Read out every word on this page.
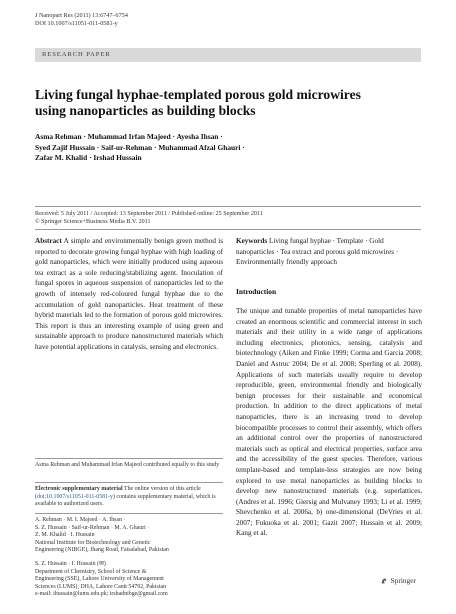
J Nanopart Res (2011) 13:6747–6754
DOI 10.1007/s11051-011-0581-y
RESEARCH PAPER
Living fungal hyphae-templated porous gold microwires
using nanoparticles as building blocks
Asma Rehman · Muhammad Irfan Majeed · Ayesha Ihsan ·
Syed Zajif Hussain · Saif-ur-Rehman · Muhammad Afzal Ghauri ·
Zafar M. Khalid · Irshad Hussain
Received: 5 July 2011 / Accepted: 13 September 2011 / Published online: 25 September 2011
© Springer Science+Business Media B.V. 2011
Abstract A simple and environmentally benign green method is reported to decorate growing fungal hyphae with high loading of gold nanoparticles, which were initially produced using aqueous tea extract as a sole reducing/stabilizing agent. Inoculation of fungal spores in aqueous suspension of nanoparticles led to the growth of intensely red-coloured fungal hyphae due to the accumulation of gold nanoparticles. Heat treatment of these hybrid materials led to the formation of porous gold microwires. This report is thus an interesting example of using green and sustainable approach to produce nanostructured materials which have potential applications in catalysis, sensing and electronics.
Asma Rehman and Muhammad Irfan Majeed contributed equally to this study
Electronic supplementary material The online version of this article (doi:10.1007/s11051-011-0581-y) contains supplementary material, which is available to authorized users.
A. Rehman · M. I. Majeed · A. Ihsan ·
S. Z. Hussain · Saif-ur-Rehman · M. A. Ghauri ·
Z. M. Khalid · I. Hussain
National Institute for Biotechnology and Genetic
Engineering (NIBGE), Jhang Road, Faisalabad, Pakistan
S. Z. Hussain · I. Hussain (✉)
Department of Chemistry, School of Science &
Engineering (SSE), Lahore University of Management
Sciences (LUMS), DHA, Lahore Cantt 54792, Pakistan
e-mail: ihussain@lums.edu.pk; irshadnibge@gmail.com
Keywords Living fungal hyphae · Template · Gold nanoparticles · Tea extract and porous gold microwires · Environmentally friendly approach
Introduction
The unique and tunable properties of metal nanoparticles have created an enormous scientific and commercial interest in such materials and their utility in a wide range of applications including electronics, photonics, sensing, catalysis and biotechnology (Aiken and Finke 1999; Corma and Garcia 2008; Daniel and Astruc 2004; De et al. 2008; Sperling et al. 2008). Applications of such materials usually require to develop reproducible, green, environmental friendly and biologically benign processes for their sustainable and economical production. In addition to the direct applications of metal nanoparticles, there is an increasing trend to develop biocompatible processes to control their assembly, which offers an additional control over the properties of nanostructured materials such as optical and electrical properties, surface area and the accessibility of the guest species. Therefore, various template-based and template-less strategies are now being explored to use metal nanoparticles as building blocks to develop new nanostructured materials (e.g. superlattices, (Andres et al. 1996; Giersig and Mulvaney 1993; Li et al. 1999; Shevchenko et al. 2006a, b) one-dimensional (DeVries et al. 2007; Fukuoka et al. 2001; Gazit 2007; Hussain et al. 2009; Kang et al.
Springer
